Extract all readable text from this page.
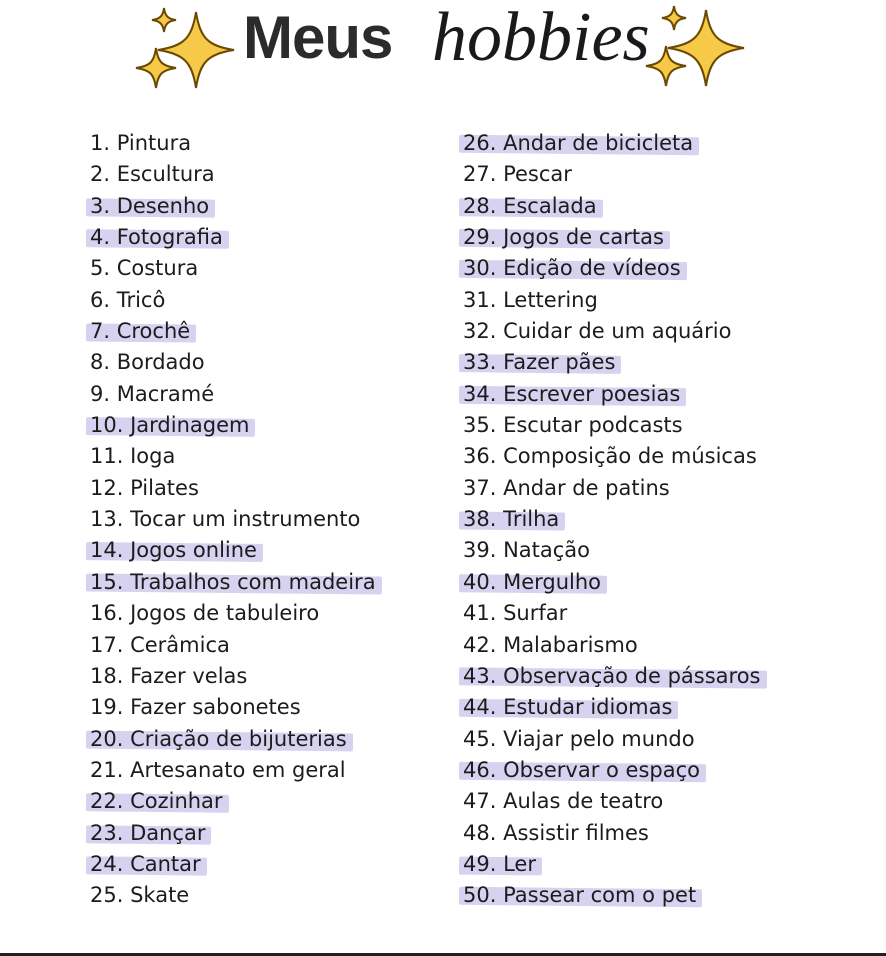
Meus hobbies
1. Pintura
2. Escultura
3. Desenho
4. Fotografia
5. Costura
6. Tricô
7. Crochê
8. Bordado
9. Macramé
10. Jardinagem
11. Ioga
12. Pilates
13. Tocar um instrumento
14. Jogos online
15. Trabalhos com madeira
16. Jogos de tabuleiro
17. Cerâmica
18. Fazer velas
19. Fazer sabonetes
20. Criação de bijuterias
21. Artesanato em geral
22. Cozinhar
23. Dançar
24. Cantar
25. Skate
26. Andar de bicicleta
27. Pescar
28. Escalada
29. Jogos de cartas
30. Edição de vídeos
31. Lettering
32. Cuidar de um aquário
33. Fazer pães
34. Escrever poesias
35. Escutar podcasts
36. Composição de músicas
37. Andar de patins
38. Trilha
39. Natação
40. Mergulho
41. Surfar
42. Malabarismo
43. Observação de pássaros
44. Estudar idiomas
45. Viajar pelo mundo
46. Observar o espaço
47. Aulas de teatro
48. Assistir filmes
49. Ler
50. Passear com o pet
